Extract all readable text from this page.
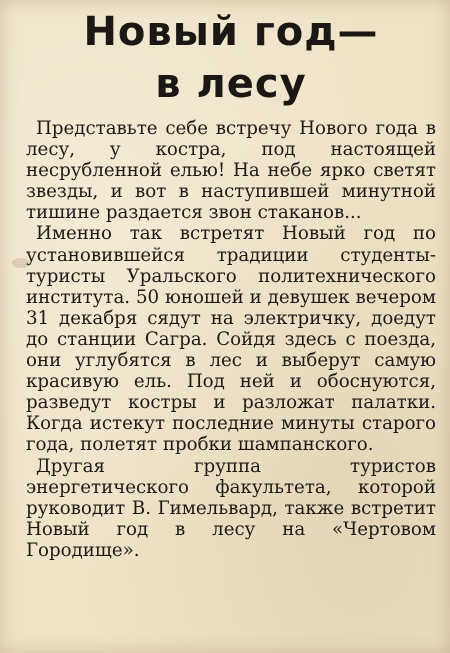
Новый год—
в лесу

Представьте себе встречу Нового года в лесу, у костра, под настоящей несрубленной елью! На небе ярко светят звезды, и вот в наступившей минутной тишине раздается звон стаканов...

Именно так встретят Новый год по установившейся традиции студенты-туристы Уральского политехнического института. 50 юношей и девушек вечером 31 декабря сядут на электричку, доедут до станции Сагра. Сойдя здесь с поезда, они углубятся в лес и выберут самую красивую ель. Под ней и обоснуются, разведут костры и разложат палатки. Когда истекут последние минуты старого года, полетят пробки шампанского.

Другая группа туристов энергетического факультета, которой руководит В. Гимельвард, также встретит Новый год в лесу на «Чертовом Городище».
